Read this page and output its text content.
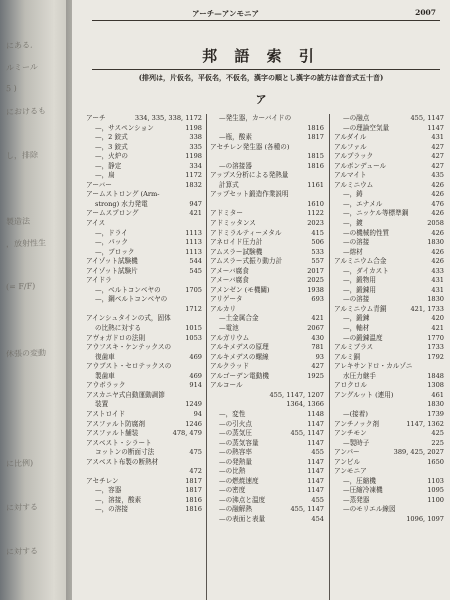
にある.
ルミール
5 )
におけるも
し，排除
製造法
，放射性生
(= F/F)
休張の変動
に比例)
に対する
に対する
アーチ—アンモニア	2007
邦 語 索 引
(排列は，片仮名，平仮名，不仮名，漢字の順とし漢字の読方は音音式五十音)
ア
アーチ	334, 335, 338, 1172
—，サスペンション	1198
—，2 鉸式	338
—，3 鉸式	335
—，火炉の	1198
—，静定	334
—，扁	1172
アーバー	1832
アームストロング (Arm-
strong) 水力発電	947
アームスプロング	421
アイス
—，ドライ	1113
—，パック	1113
—，ブロック	1113
アイゾット試験機	544
アイゾット試験片	545
アイドラ
—，ベルトコンベヤの	1705
—，鋼ベルトコンベヤの
1712
アインシュタインの式，固体
の比熱に対する	1015
アヴォガドロの法則	1053
アウフスキ・ケンテックスの
復歯車	469
アウブスト・セロテックスの
製歯車	469
アウボラック	914
アスカニヤ式自動運動調節
装置	1249
アストロイド	94
アスファルト防腐剤	1246
アスファルト舗装	478, 479
アスベスト・シラート
コットンの断面寸法	475
アスベスト布製の断熱材
472
アセチレン	1817
—，容器	1817
—，溶接，酸素	1816
—，の溶接	1816
—発生器，カーバイドの
1816
—瓶，酸素	1817
アセチレン発生器 (各種の)
1815
—の溶接器	1816
アップス分析による発熱量
計算式	1161
アップセット鍛造作業説明
1610
アドミター	1122
アドミッタンス	2023
アドミラルティーメタル	415
アネロイド圧力計	506
アムスラー試験機	533
アムスラー式振り動力計	557
アメーバ腐食	2017
アメーバ腐食	2025
アメンゼン (モ機關)	1938
アリゲータ	693
アルカリ
—土金属合金	421
—電池	2067
アルガリウム	430
アルキメデスの原理	781
アルキメデスの螺線	93
アルクラッド	427
アルゴーデン電動機	1925
アルコール
455, 1147, 1207
1364, 1366
—，変性	1148
—の引火点	1147
—の蒸気圧	455, 1147
—の蒸気容量	1147
—の熱容率	455
—の発熱量	1147
—の比熱	1147
—の燃焼速度	1147
—の密度	1147
—の沸点と温度	455
—の融解熱	455, 1147
—の表面と表量	454
—の融点	455, 1147
—の理論空気量	1147
アルダイル	431
アルファル	427
アルプラック	427
アルボンデュール	427
アルマイト	435
アルミニウム	426
—，鋳	426
—，エナメル	476
—，ニッケル等標準鋼	426
—，鍍	2058
—の機械的性質	426
—の溶接	1830
—熔材	426
アルミニウム合金	426
—，ダイカスト	433
—，鍛物用	431
—，鍛錬用	431
—の溶接	1830
アルミニウム青銅	421, 1733
—，鍛鍊	420
—，軸材	421
—の鍛錬温度	1770
アルミブラス	1733
アルミ銅	1792
アレキサンドロ・カルゾニ
水圧力継手	1848
アロクロル	1308
アングルット (連用)	461
1830
—(接着)	1739
アンチノック剤	1147, 1362
アンチモン	425
—製時子	225
アンパー	389, 425, 2027
アンビル	1650
アンモニア
—，圧縮機	1103
—圧縮冷凍機	1095
—蒸発器	1100
—のモリエル線図
1096, 1097
